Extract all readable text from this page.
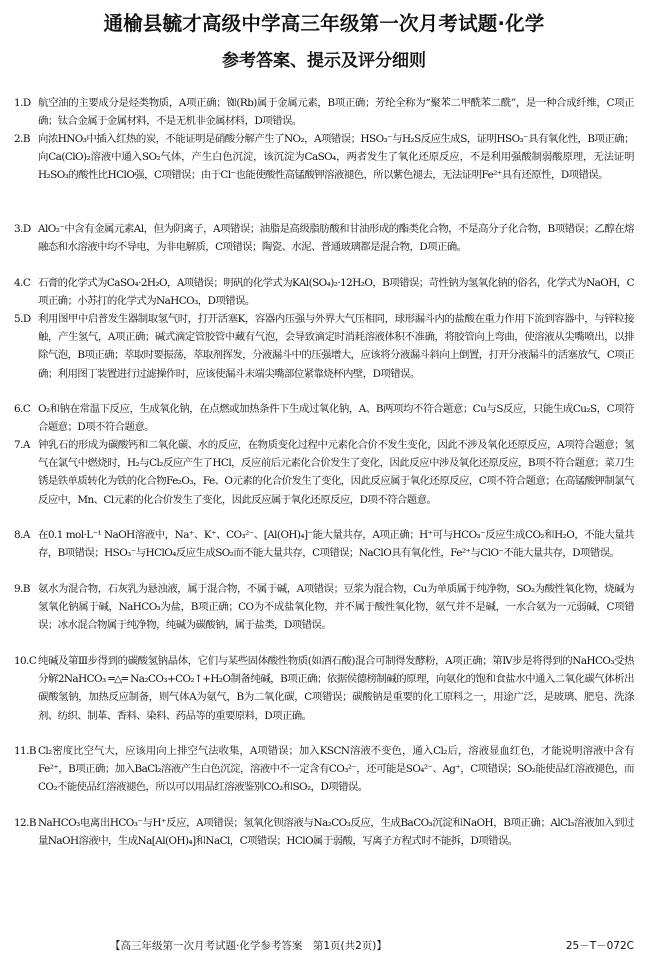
通榆县毓才高级中学高三年级第一次月考试题·化学
参考答案、提示及评分细则
1.D 航空油的主要成分是烃类物质，A项正确；铷(Rb)属于金属元素，B项正确；芳纶全称为“聚苯二甲酰苯二酰”，是一种合成纤维，C项正确；钛合金属于金属材料，不是无机非金属材料，D项错误。
2.B 向浓HNO₃中插入红热的炭，不能证明是硝酸分解产生了NO₂，A项错误；HSO₃⁻与H₂S反应生成S，证明HSO₃⁻具有氧化性，B项正确；向Ca(ClO)₂溶液中通入SO₂气体，产生白色沉淀，该沉淀为CaSO₄，两者发生了氧化还原反应，不是利用强酸制弱酸原理，无法证明H₂SO₃的酸性比HClO强，C项错误；由于Cl⁻也能使酸性高锰酸钾溶液褪色，所以紫色褪去，无法证明Fe²⁺具有还原性，D项错误。
3.D AlO₂⁻中含有金属元素Al，但为阴离子，A项错误；油脂是高级脂肪酸和甘油形成的酯类化合物，不是高分子化合物，B项错误；乙醇在熔融态和水溶液中均不导电，为非电解质，C项错误；陶瓷、水泥、普通玻璃都是混合物，D项正确。
4.C 石膏的化学式为CaSO₄·2H₂O，A项错误；明矾的化学式为KAl(SO₄)₂·12H₂O，B项错误；苛性钠为氢氧化钠的俗名，化学式为NaOH，C项正确；小苏打的化学式为NaHCO₃，D项错误。
5.D 利用图甲中启普发生器制取氢气时，打开活塞K，容器内压强与外界大气压相同，球形漏斗内的盐酸在重力作用下流到容器中，与锌粒接触，产生氢气，A项正确；碱式滴定管胶管中藏有气泡，会导致滴定时消耗溶液体积不准确，将胶管向上弯曲，使溶液从尖嘴喷出，以排除气泡，B项正确；萃取时要振荡，萃取剂挥发，分液漏斗中的压强增大，应该将分液漏斗斜向上倒置，打开分液漏斗的活塞放气，C项正确；利用图丁装置进行过滤操作时，应该使漏斗末端尖嘴部位紧靠烧杯内壁，D项错误。
6.C O₂和钠在常温下反应，生成氧化钠，在点燃或加热条件下生成过氧化钠，A、B两项均不符合题意；Cu与S反应，只能生成Cu₂S，C项符合题意；D项不符合题意。
7.A 钟乳石的形成为碳酸钙和二氧化碳、水的反应，在物质变化过程中元素化合价不发生变化，因此不涉及氧化还原反应，A项符合题意；氢气在氯气中燃烧时，H₂与Cl₂反应产生了HCl，反应前后元素化合价发生了变化，因此反应中涉及氧化还原反应，B项不符合题意；菜刀生锈是铁单质转化为铁的化合物Fe₂O₃，Fe、O元素的化合价发生了变化，因此反应属于氧化还原反应，C项不符合题意；在高锰酸钾制氯气反应中，Mn、Cl元素的化合价发生了变化，因此反应属于氧化还原反应，D项不符合题意。
8.A 在0.1 mol·L⁻¹ NaOH溶液中，Na⁺、K⁺、CO₃²⁻、[Al(OH)₄]⁻能大量共存，A项正确；H⁺可与HCO₃⁻反应生成CO₂和H₂O，不能大量共存，B项错误；HSO₃⁻与HClO₄反应生成SO₂而不能大量共存，C项错误；NaClO具有氧化性，Fe²⁺与ClO⁻不能大量共存，D项错误。
9.B 氨水为混合物，石灰乳为悬浊液，属于混合物，不属于碱，A项错误；豆浆为混合物，Cu为单质属于纯净物，SO₂为酸性氧化物，烧碱为氢氧化钠属于碱，NaHCO₃为盐，B项正确；CO为不成盐氧化物，并不属于酸性氧化物，氨气并不是碱，一水合氨为一元弱碱，C项错误；冰水混合物属于纯净物，纯碱为碳酸钠，属于盐类，D项错误。
10.C 纯碱及第Ⅲ步得到的碳酸氢钠晶体，它们与某些固体酸性物质(如酒石酸)混合可制得发酵粉，A项正确；第Ⅳ步是将得到的NaHCO₃受热分解2NaHCO₃ ═△═ Na₂CO₃+CO₂↑+H₂O制备纯碱，B项正确；依据侯德榜制碱的原理，向氨化的饱和食盐水中通入二氧化碳气体析出碳酸氢钠，加热反应制备，则气体A为氨气，B为二氧化碳，C项错误；碳酸钠是重要的化工原料之一，用途广泛，是玻璃、肥皂、洗涤剂、纺织、制革、香料、染料、药品等的重要原料，D项正确。
11.B Cl₂密度比空气大，应该用向上排空气法收集，A项错误；加入KSCN溶液不变色，通入Cl₂后，溶液显血红色，才能说明溶液中含有Fe²⁺，B项正确；加入BaCl₂溶液产生白色沉淀，溶液中不一定含有CO₃²⁻，还可能是SO₄²⁻、Ag⁺，C项错误；SO₂能使品红溶液褪色，而CO₂不能使品红溶液褪色，所以可以用品红溶液鉴别CO₂和SO₂，D项错误。
12.B NaHCO₃电离出HCO₃⁻与H⁺反应，A项错误；氢氧化钡溶液与Na₂CO₃反应，生成BaCO₃沉淀和NaOH，B项正确；AlCl₃溶液加入到过量NaOH溶液中，生成Na[Al(OH)₄]和NaCl，C项错误；HClO属于弱酸，写离子方程式时不能拆，D项错误。
【高三年级第一次月考试题·化学参考答案　第1页(共2页)】	25－T－072C
